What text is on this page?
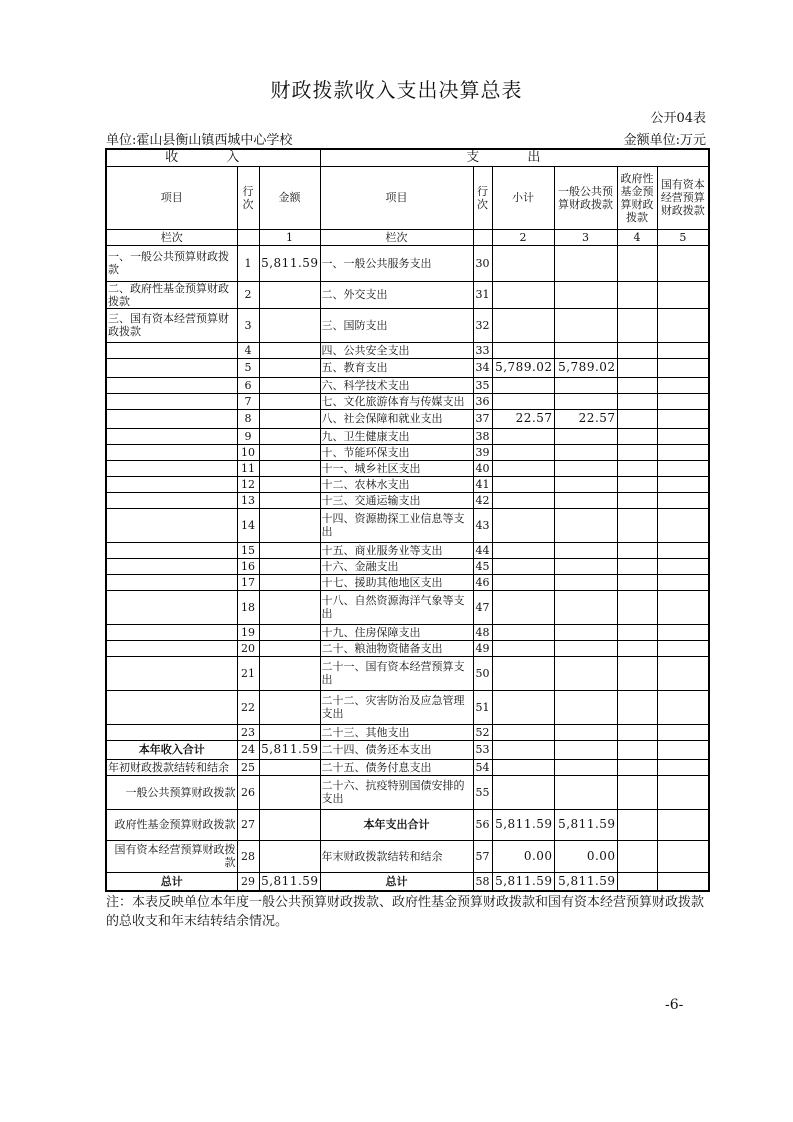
财政拨款收入支出决算总表
公开04表
单位:霍山县衡山镇西城中心学校	金额单位:万元
收 入			支 出					
项目	行次	金额	项目	行次	小计	一般公共预算财政拨款	政府性基金预算财政拨款	国有资本经营预算财政拨款
栏次		1	栏次		2	3	4	5
一、一般公共预算财政拨款	1	5,811.59	一、一般公共服务支出	30				
二、政府性基金预算财政拨款	2		二、外交支出	31				
三、国有资本经营预算财政拨款	3		三、国防支出	32				
	4		四、公共安全支出	33				
	5		五、教育支出	34	5,789.02	5,789.02		
	6		六、科学技术支出	35				
	7		七、文化旅游体育与传媒支出	36				
	8		八、社会保障和就业支出	37	22.57	22.57		
	9		九、卫生健康支出	38				
	10		十、节能环保支出	39				
	11		十一、城乡社区支出	40				
	12		十二、农林水支出	41				
	13		十三、交通运输支出	42				
	14		十四、资源勘探工业信息等支出	43				
	15		十五、商业服务业等支出	44				
	16		十六、金融支出	45				
	17		十七、援助其他地区支出	46				
	18		十八、自然资源海洋气象等支出	47				
	19		十九、住房保障支出	48				
	20		二十、粮油物资储备支出	49				
	21		二十一、国有资本经营预算支出	50				
	22		二十二、灾害防治及应急管理支出	51				
	23		二十三、其他支出	52				
本年收入合计	24	5,811.59	二十四、债务还本支出	53				
年初财政拨款结转和结余	25		二十五、债务付息支出	54				
一般公共预算财政拨款	26		二十六、抗疫特别国债安排的支出	55				
政府性基金预算财政拨款	27		本年支出合计	56	5,811.59	5,811.59		
国有资本经营预算财政拨款	28		年末财政拨款结转和结余	57	0.00	0.00		
总计	29	5,811.59	总计	58	5,811.59	5,811.59		
注：本表反映单位本年度一般公共预算财政拨款、政府性基金预算财政拨款和国有资本经营预算财政拨款的总收支和年末结转结余情况。
-6-
